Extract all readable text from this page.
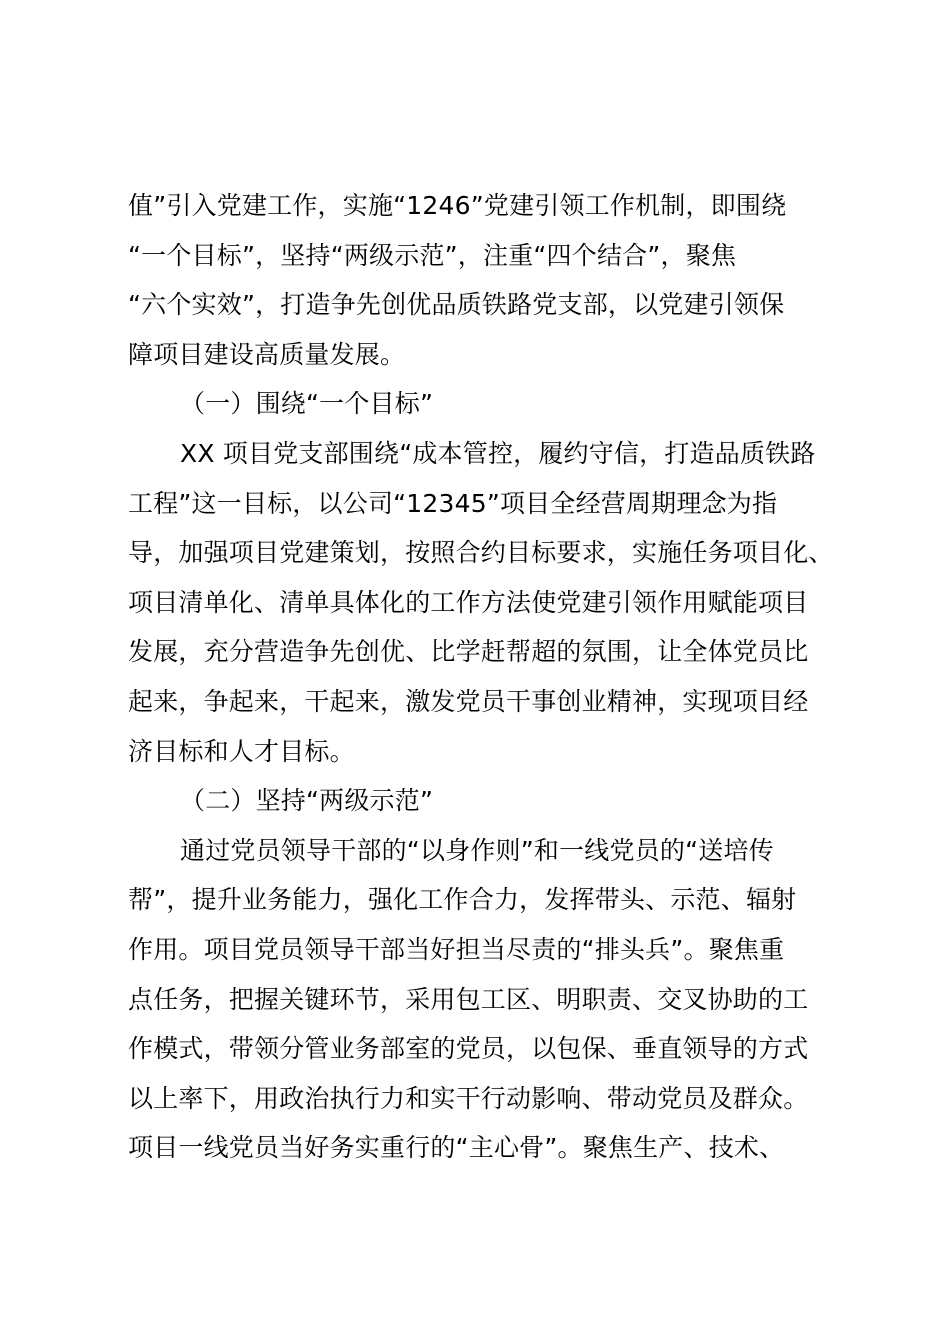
值”引入党建工作，实施“1246”党建引领工作机制，即围绕
“一个目标”，坚持“两级示范”，注重“四个结合”，聚焦
“六个实效”，打造争先创优品质铁路党支部，以党建引领保
障项目建设高质量发展。
（一）围绕“一个目标”
XX 项目党支部围绕“成本管控，履约守信，打造品质铁路
工程”这一目标，以公司“12345”项目全经营周期理念为指
导，加强项目党建策划，按照合约目标要求，实施任务项目化、
项目清单化、清单具体化的工作方法使党建引领作用赋能项目
发展，充分营造争先创优、比学赶帮超的氛围，让全体党员比
起来，争起来，干起来，激发党员干事创业精神，实现项目经
济目标和人才目标。
（二）坚持“两级示范”
通过党员领导干部的“以身作则”和一线党员的“送培传
帮”，提升业务能力，强化工作合力，发挥带头、示范、辐射
作用。项目党员领导干部当好担当尽责的“排头兵”。聚焦重
点任务，把握关键环节，采用包工区、明职责、交叉协助的工
作模式，带领分管业务部室的党员，以包保、垂直领导的方式
以上率下，用政治执行力和实干行动影响、带动党员及群众。
项目一线党员当好务实重行的“主心骨”。聚焦生产、技术、
